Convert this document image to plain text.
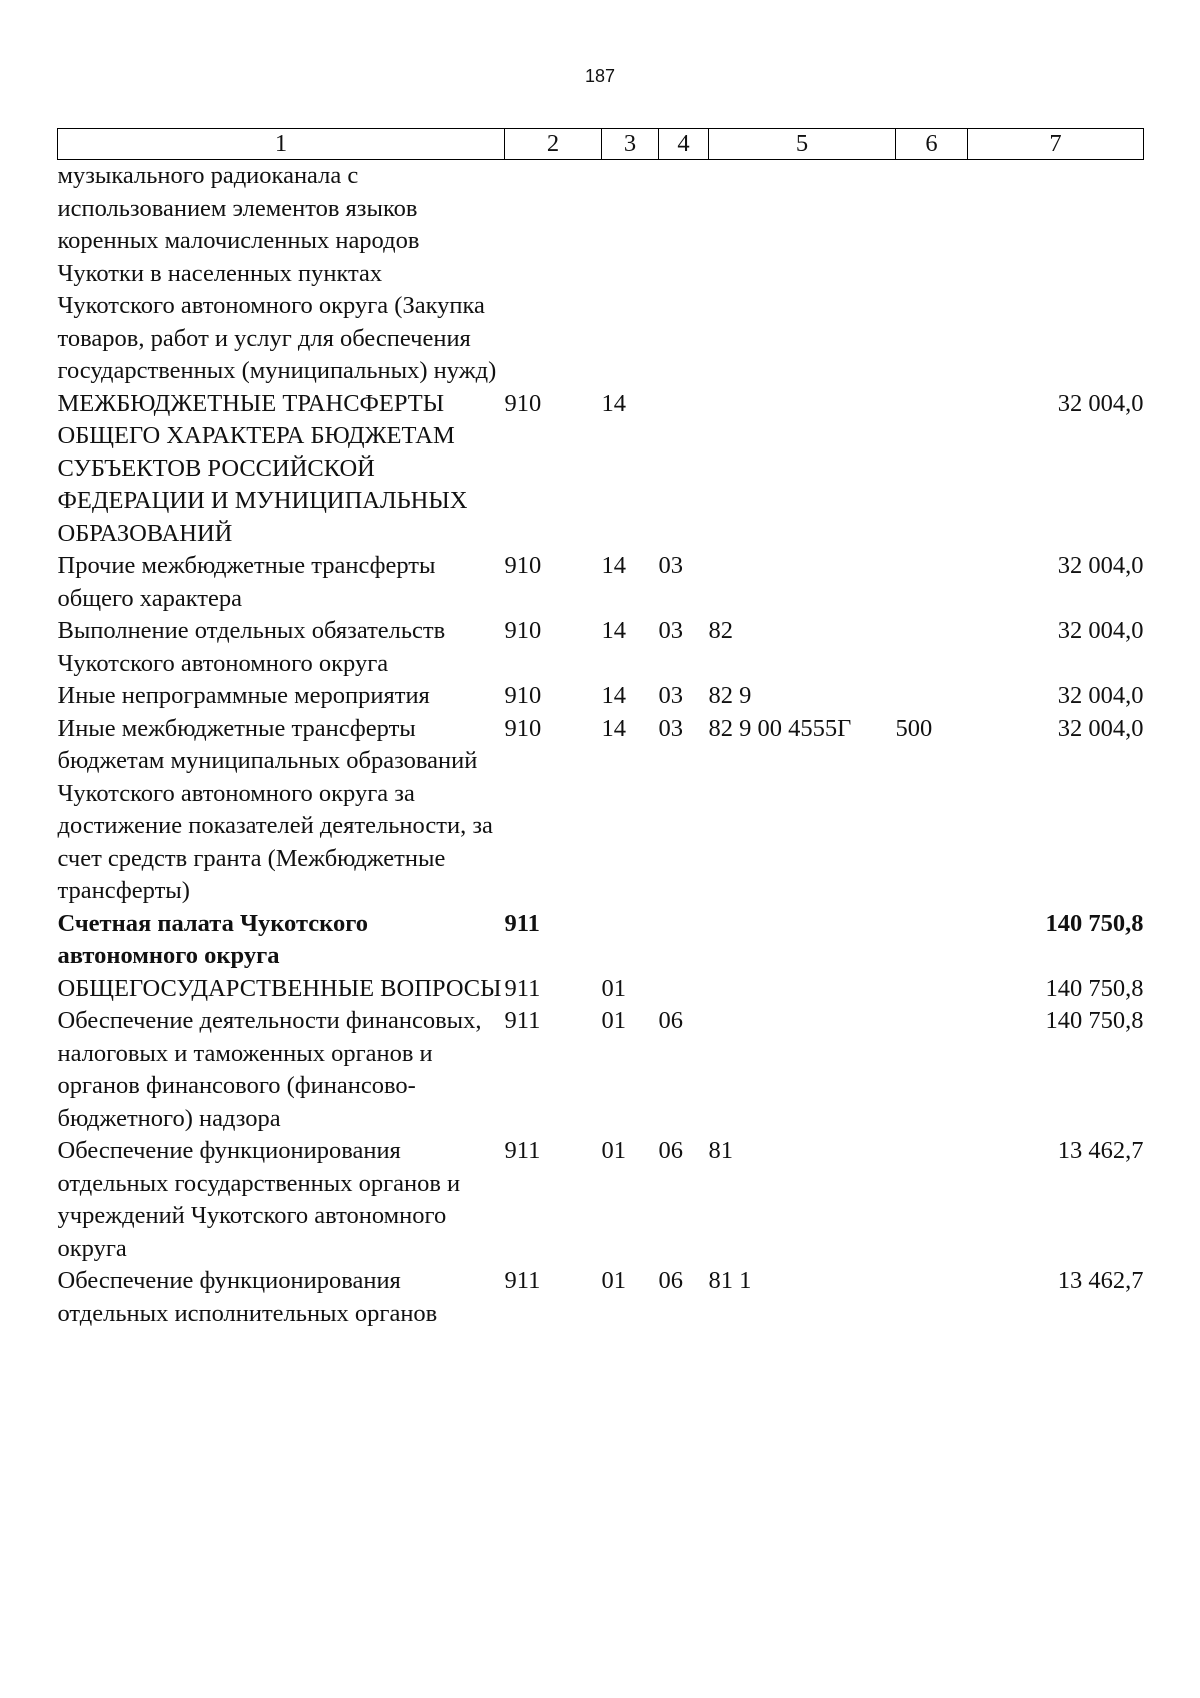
187
1	2	3	4	5	6	7
музыкального радиоканала с использованием элементов языков коренных малочисленных народов Чукотки в населенных пунктах Чукотского автономного округа (Закупка товаров, работ и услуг для обеспечения государственных (муниципальных) нужд)						
МЕЖБЮДЖЕТНЫЕ ТРАНСФЕРТЫ ОБЩЕГО ХАРАКТЕРА БЮДЖЕТАМ СУБЪЕКТОВ РОССИЙСКОЙ ФЕДЕРАЦИИ И МУНИЦИПАЛЬНЫХ ОБРАЗОВАНИЙ	910	14				32 004,0
Прочие межбюджетные трансферты общего характера	910	14	03			32 004,0
Выполнение отдельных обязательств Чукотского автономного округа	910	14	03	82		32 004,0
Иные непрограммные мероприятия	910	14	03	82 9		32 004,0
Иные межбюджетные трансферты бюджетам муниципальных образований Чукотского автономного округа за достижение показателей деятельности, за счет средств гранта (Межбюджетные трансферты)	910	14	03	82 9 00 4555Г	500	32 004,0
Счетная палата Чукотского автономного округа	911					140 750,8
ОБЩЕГОСУДАРСТВЕННЫЕ ВОПРОСЫ	911	01				140 750,8
Обеспечение деятельности финансовых, налоговых и таможенных органов и органов финансового (финансово-бюджетного) надзора	911	01	06			140 750,8
Обеспечение функционирования отдельных государственных органов и учреждений Чукотского автономного округа	911	01	06	81		13 462,7
Обеспечение функционирования отдельных исполнительных органов	911	01	06	81 1		13 462,7
